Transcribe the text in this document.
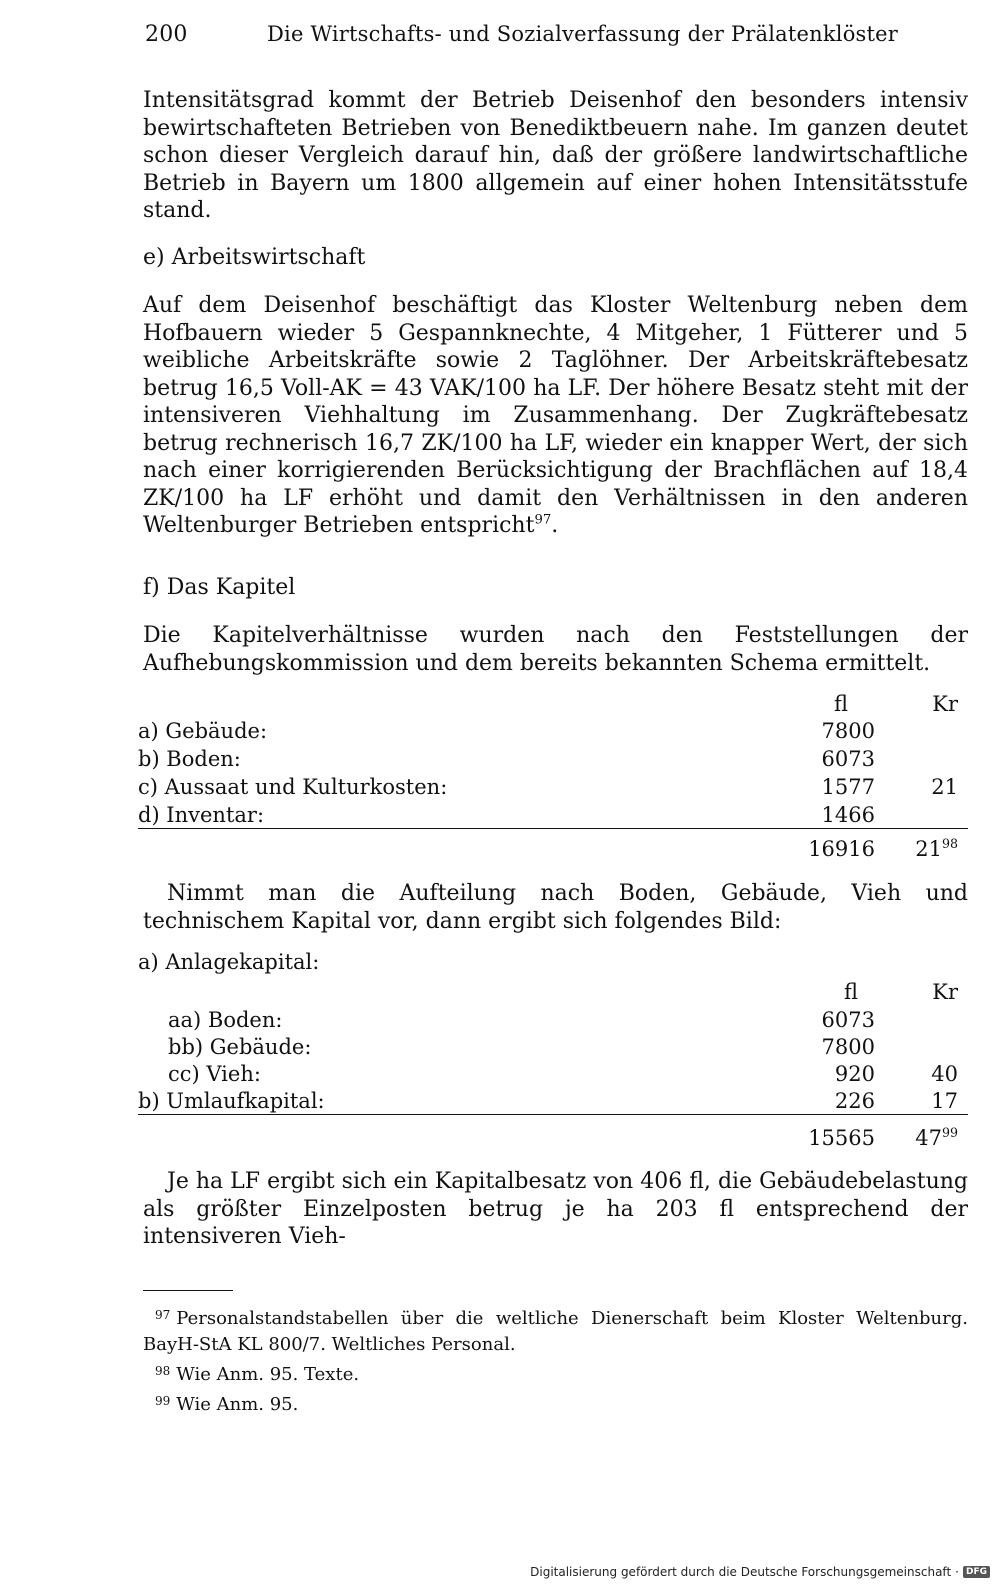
200	Die Wirtschafts- und Sozialverfassung der Prälatenklöster
Intensitätsgrad kommt der Betrieb Deisenhof den besonders intensiv bewirtschafteten Betrieben von Benediktbeuern nahe. Im ganzen deutet schon dieser Vergleich darauf hin, daß der größere landwirtschaftliche Betrieb in Bayern um 1800 allgemein auf einer hohen Intensitätsstufe stand.
e) Arbeitswirtschaft
Auf dem Deisenhof beschäftigt das Kloster Weltenburg neben dem Hofbauern wieder 5 Gespannknechte, 4 Mitgeher, 1 Fütterer und 5 weibliche Arbeitskräfte sowie 2 Taglöhner. Der Arbeitskräftebesatz betrug 16,5 Voll-AK = 43 VAK/100 ha LF. Der höhere Besatz steht mit der intensiveren Viehhaltung im Zusammenhang. Der Zugkräftebesatz betrug rechnerisch 16,7 ZK/100 ha LF, wieder ein knapper Wert, der sich nach einer korrigierenden Berücksichtigung der Brachflächen auf 18,4 ZK/100 ha LF erhöht und damit den Verhältnissen in den anderen Weltenburger Betrieben entspricht$^{97}$.
f) Das Kapitel
Die Kapitelverhältnisse wurden nach den Feststellungen der Aufhebungskommission und dem bereits bekannten Schema ermittelt.
fl	Kr
a) Gebäude:	7800
b) Boden:	6073
c) Aussaat und Kulturkosten:	1577	21
d) Inventar:	1466
16916 $21^{98}$
Nimmt man die Aufteilung nach Boden, Gebäude, Vieh und technischem Kapital vor, dann ergibt sich folgendes Bild:
a) Anlagekapital:
fl	Kr
aa) Boden:	6073
bb) Gebäude:	7800
cc) Vieh:	920	40
b) Umlaufkapital:	226	17
15565 $47^{99}$
Je ha LF ergibt sich ein Kapitalbesatz von 406 fl, die Gebäudebelastung als größter Einzelposten betrug je ha 203 fl entsprechend der intensiveren Vieh-
$^{97}$ Personalstandstabellen über die weltliche Dienerschaft beim Kloster Weltenburg. BayH-StA KL 800/7. Weltliches Personal.
$^{98}$ Wie Anm. 95. Texte.
$^{99}$ Wie Anm. 95.
Digitalisierung gefördert durch die Deutsche Forschungsgemeinschaft · DFG
